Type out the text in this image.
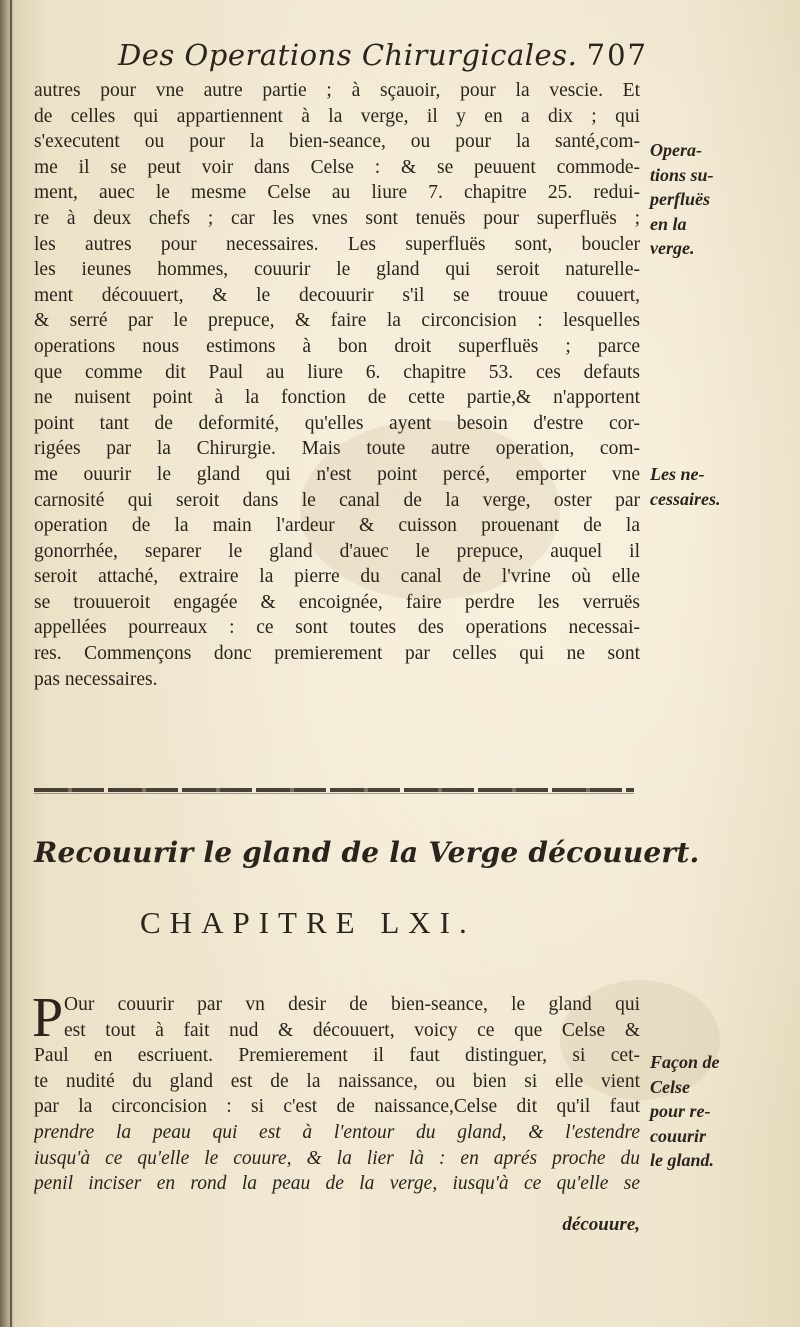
Des Operations Chirurgicales. 707
autres pour vne autre partie ; à sçauoir, pour la vescie. Et
de celles qui appartiennent à la verge, il y en a dix ; qui
s'executent ou pour la bien-seance, ou pour la santé,com-
me il se peut voir dans Celse : & se peuuent commode-
ment, auec le mesme Celse au liure 7. chapitre 25. redui-
re à deux chefs ; car les vnes sont tenuës pour superfluës ;
les autres pour necessaires. Les superfluës sont, boucler
les ieunes hommes, couurir le gland qui seroit naturelle-
ment découuert, & le decouurir s'il se trouue couuert,
& serré par le prepuce, & faire la circoncision : lesquelles
operations nous estimons à bon droit superfluës ; parce
que comme dit Paul au liure 6. chapitre 53. ces defauts
ne nuisent point à la fonction de cette partie,& n'apportent
point tant de deformité, qu'elles ayent besoin d'estre cor-
rigées par la Chirurgie. Mais toute autre operation, com-
me ouurir le gland qui n'est point percé, emporter vne
carnosité qui seroit dans le canal de la verge, oster par
operation de la main l'ardeur & cuisson prouenant de la
gonorrhée, separer le gland d'auec le prepuce, auquel il
seroit attaché, extraire la pierre du canal de l'vrine où elle
se trouueroit engagée & encoignée, faire perdre les verruës
appellées pourreaux : ce sont toutes des operations necessai-
res. Commençons donc premierement par celles qui ne sont
pas necessaires.
Opera-
tions su-
perfluës
en la
verge.
Les ne-
cessaires.
Façon de
Celse
pour re-
couurir
le gland.
Recouurir le gland de la Verge découuert.
CHAPITRE LXI.
P Our couurir par vn desir de bien-seance, le gland qui
est tout à fait nud & découuert, voicy ce que Celse &
Paul en escriuent. Premierement il faut distinguer, si cet-
te nudité du gland est de la naissance, ou bien si elle vient
par la circoncision : si c'est de naissance,Celse dit qu'il faut
prendre la peau qui est à l'entour du gland, & l'estendre
iusqu'à ce qu'elle le couure, & la lier là : en aprés proche du
penil inciser en rond la peau de la verge, iusqu'à ce qu'elle se
découure,
